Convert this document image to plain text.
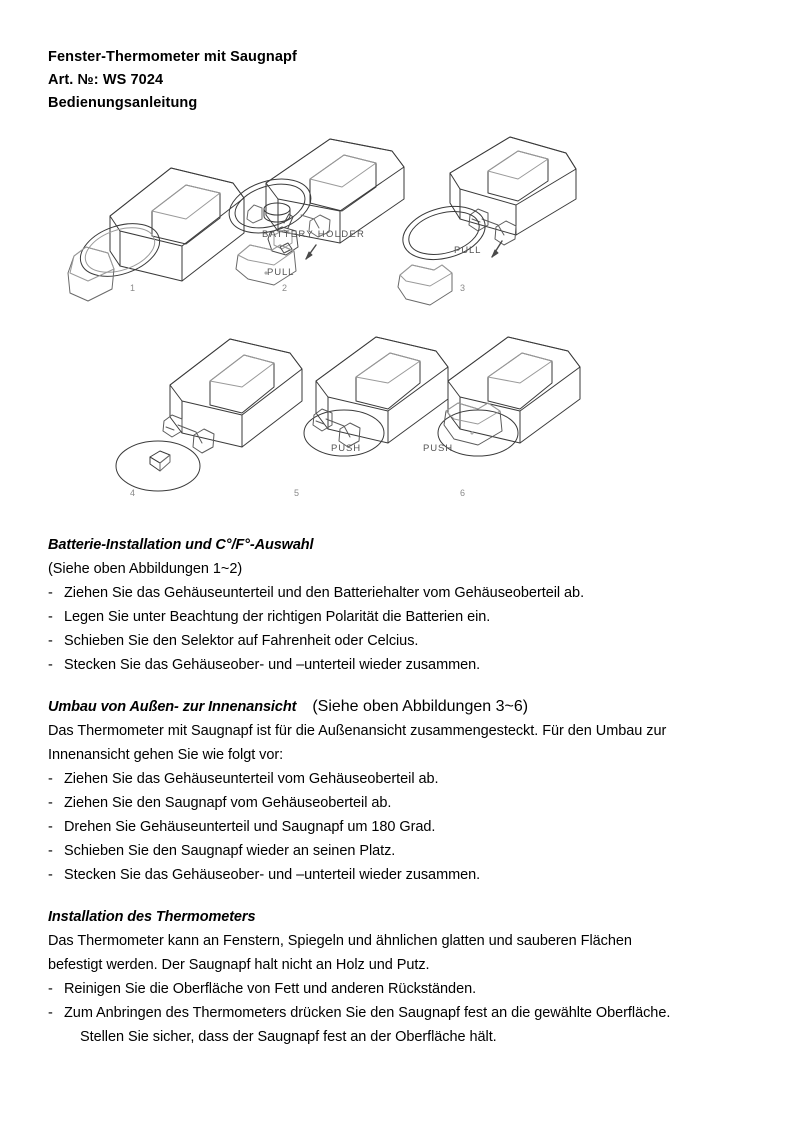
Fenster-Thermometer mit Saugnapf
Art. №: WS 7024
Bedienungsanleitung
BATTERY HOLDER
PULL
PULL
PUSH	PUSH
1	2	3
4	5	6
Batterie-Installation und C°/F°-Auswahl
(Siehe oben Abbildungen 1~2)
- Ziehen Sie das Gehäuseunterteil und den Batteriehalter vom Gehäuseoberteil ab.
- Legen Sie unter Beachtung der richtigen Polarität die Batterien ein.
- Schieben Sie den Selektor auf Fahrenheit oder Celcius.
- Stecken Sie das Gehäuseober- und –unterteil wieder zusammen.
Umbau von Außen- zur Innenansicht (Siehe oben Abbildungen 3~6)
Das Thermometer mit Saugnapf ist für die Außenansicht zusammengesteckt. Für den Umbau zur
Innenansicht gehen Sie wie folgt vor:
- Ziehen Sie das Gehäuseunterteil vom Gehäuseoberteil ab.
- Ziehen Sie den Saugnapf vom Gehäuseoberteil ab.
- Drehen Sie Gehäuseunterteil und Saugnapf um 180 Grad.
- Schieben Sie den Saugnapf wieder an seinen Platz.
- Stecken Sie das Gehäuseober- und –unterteil wieder zusammen.
Installation des Thermometers
Das Thermometer kann an Fenstern, Spiegeln und ähnlichen glatten und sauberen Flächen
befestigt werden. Der Saugnapf halt nicht an Holz und Putz.
- Reinigen Sie die Oberfläche von Fett und anderen Rückständen.
- Zum Anbringen des Thermometers drücken Sie den Saugnapf fest an die gewählte Oberfläche.
Stellen Sie sicher, dass der Saugnapf fest an der Oberfläche hält.
